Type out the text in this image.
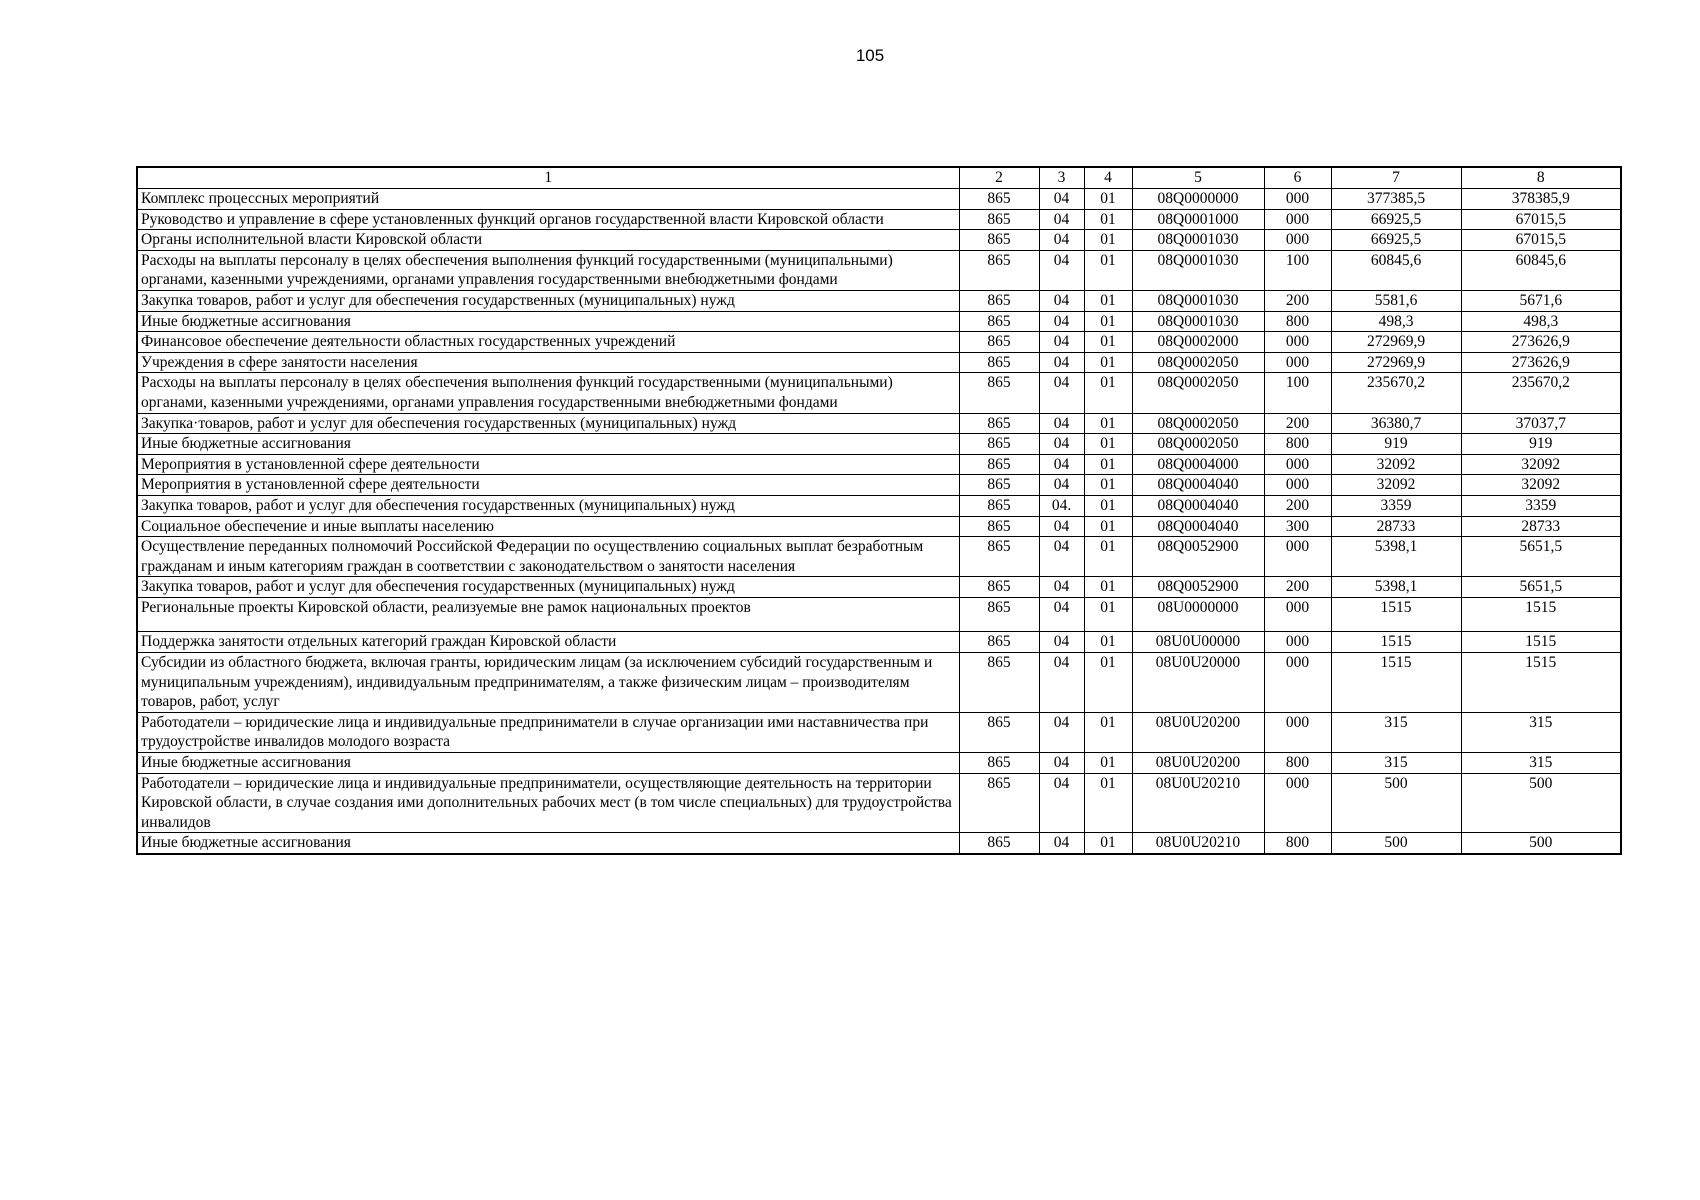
105
1	2	3	4	5	6	7	8
Комплекс процессных мероприятий	865	04	01	08Q0000000	000	377385,5	378385,9
Руководство и управление в сфере установленных функций органов государственной власти Кировской области	865	04	01	08Q0001000	000	66925,5	67015,5
Органы исполнительной власти Кировской области	865	04	01	08Q0001030	000	66925,5	67015,5
Расходы на выплаты персоналу в целях обеспечения выполнения функций государственными (муниципальными) органами, казенными учреждениями, органами управления государственными внебюджетными фондами	865	04	01	08Q0001030	100	60845,6	60845,6
Закупка товаров, работ и услуг для обеспечения государственных (муниципальных) нужд	865	04	01	08Q0001030	200	5581,6	5671,6
Иные бюджетные ассигнования	865	04	01	08Q0001030	800	498,3	498,3
Финансовое обеспечение деятельности областных государственных учреждений	865	04	01	08Q0002000	000	272969,9	273626,9
Учреждения в сфере занятости населения	865	04	01	08Q0002050	000	272969,9	273626,9
Расходы на выплаты персоналу в целях обеспечения выполнения функций государственными (муниципальными) органами, казенными учреждениями, органами управления государственными внебюджетными фондами	865	04	01	08Q0002050	100	235670,2	235670,2
Закупка·товаров, работ и услуг для обеспечения государственных (муниципальных) нужд	865	04	01	08Q0002050	200	36380,7	37037,7
Иные бюджетные ассигнования	865	04	01	08Q0002050	800	919	919
Мероприятия в установленной сфере деятельности	865	04	01	08Q0004000	000	32092	32092
Мероприятия в установленной сфере деятельности	865	04	01	08Q0004040	000	32092	32092
Закупка товаров, работ и услуг для обеспечения государственных (муниципальных) нужд	865	04.	01	08Q0004040	200	3359	3359
Социальное обеспечение и иные выплаты населению	865	04	01	08Q0004040	300	28733	28733
Осуществление переданных полномочий Российской Федерации по осуществлению социальных выплат безработным гражданам и иным категориям граждан в соответствии с законодательством о занятости населения	865	04	01	08Q0052900	000	5398,1	5651,5
Закупка товаров, работ и услуг для обеспечения государственных (муниципальных) нужд	865	04	01	08Q0052900	200	5398,1	5651,5
Региональные проекты Кировской области, реализуемые вне рамок национальных проектов	865	04	01	08U0000000	000	1515	1515
Поддержка занятости отдельных категорий граждан Кировской области	865	04	01	08U0U00000	000	1515	1515
Субсидии из областного бюджета, включая гранты, юридическим лицам (за исключением субсидий государственным и муниципальным учреждениям), индивидуальным предпринимателям, а также физическим лицам – производителям товаров, работ, услуг	865	04	01	08U0U20000	000	1515	1515
Работодатели – юридические лица и индивидуальные предприниматели в случае организации ими наставничества при трудоустройстве инвалидов молодого возраста	865	04	01	08U0U20200	000	315	315
Иные бюджетные ассигнования	865	04	01	08U0U20200	800	315	315
Работодатели – юридические лица и индивидуальные предприниматели, осуществляющие деятельность на территории Кировской области, в случае создания ими дополнительных рабочих мест (в том числе специальных) для трудоустройства инвалидов	865	04	01	08U0U20210	000	500	500
Иные бюджетные ассигнования	865	04	01	08U0U20210	800	500	500
